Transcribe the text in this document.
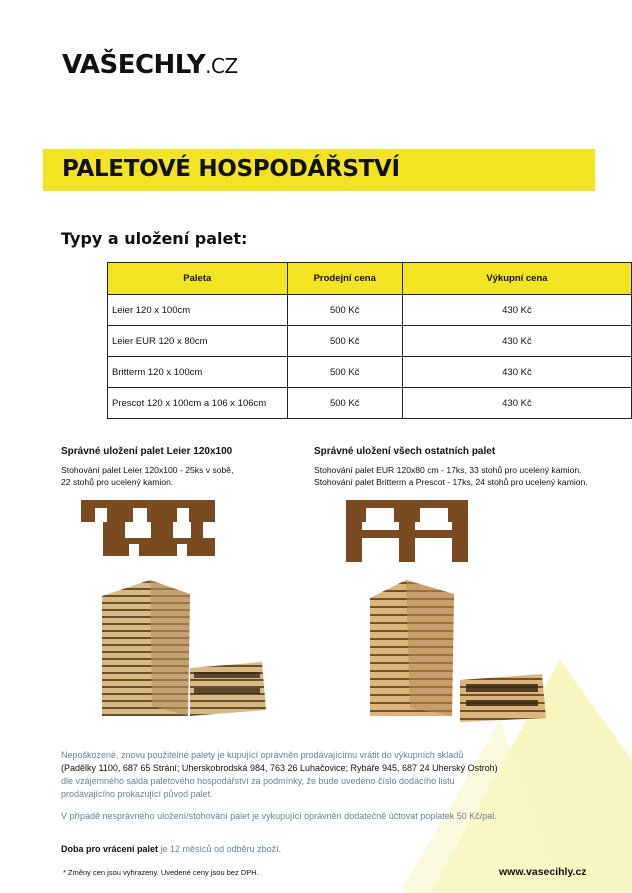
VAŠECHLY.CZ
PALETOVÉ HOSPODÁŘSTVÍ
Typy a uložení palet:
Paleta	Prodejní cena	Výkupní cena
Leier 120 x 100cm	500 Kč	430 Kč
Leier EUR 120 x 80cm	500 Kč	430 Kč
Britterm 120 x 100cm	500 Kč	430 Kč
Prescot 120 x 100cm a 106 x 106cm	500 Kč	430 Kč
Správné uložení palet Leier 120x100
Stohování palet Leier 120x100 - 25ks v sobě,
22 stohů pro ucelený kamion.
Správné uložení všech ostatních palet
Stohování palet EUR 120x80 cm - 17ks, 33 stohů pro ucelený kamion.
Stohování palet Britterm a Prescot - 17ks, 24 stohů pro ucelený kamion.
Nepoškozené, znovu použitelné palety je kupující oprávněn prodávajícímu vrátit do výkupních skladů
(Padělky 1100, 687 65 Strání; Uherskobrodská 984, 763 26 Luhačovice; Rybáře 945, 687 24 Uherský Ostroh)
dle vzájemného salda paletového hospodářství za podmínky, že bude uvedeno číslo dodacího listu
prodávajícího prokazující původ palet.
V případě nesprávného uložení/stohování palet je vykupující oprávněn dodatečně účtovat poplatek 50 Kč/pal.
Doba pro vrácení palet je 12 měsíců od odběru zboží.
* Změny cen jsou vyhrazeny. Uvedené ceny jsou bez DPH.	www.vasecihly.cz
